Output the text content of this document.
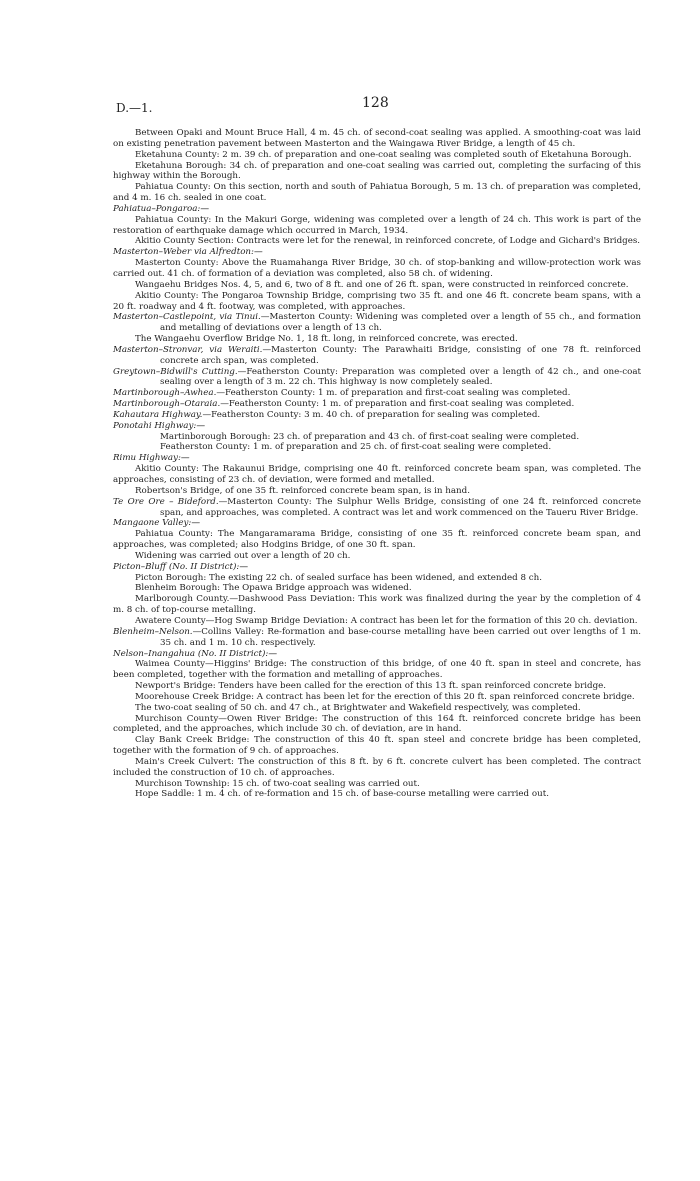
D.—1.	128

Between Opaki and Mount Bruce Hall, 4 m. 45 ch. of second-coat sealing was applied. A smoothing-coat was laid on existing penetration pavement between Masterton and the Waingawa River Bridge, a length of 45 ch.

Eketahuna County: 2 m. 39 ch. of preparation and one-coat sealing was completed south of Eketahuna Borough.

Eketahuna Borough: 34 ch. of preparation and one-coat sealing was carried out, completing the surfacing of this highway within the Borough.

Pahiatua County: On this section, north and south of Pahiatua Borough, 5 m. 13 ch. of preparation was completed, and 4 m. 16 ch. sealed in one coat.

Pahiatua–Pongaroa:—

Pahiatua County: In the Makuri Gorge, widening was completed over a length of 24 ch. This work is part of the restoration of earthquake damage which occurred in March, 1934.

Akitio County Section: Contracts were let for the renewal, in reinforced concrete, of Lodge and Gichard's Bridges.

Masterton–Weber via Alfredton:—

Masterton County: Above the Ruamahanga River Bridge, 30 ch. of stop-banking and willow-protection work was carried out. 41 ch. of formation of a deviation was completed, also 58 ch. of widening.

Wangaehu Bridges Nos. 4, 5, and 6, two of 8 ft. and one of 26 ft. span, were constructed in reinforced concrete.

Akitio County: The Pongaroa Township Bridge, comprising two 35 ft. and one 46 ft. concrete beam spans, with a 20 ft. roadway and 4 ft. footway, was completed, with approaches.

Masterton–Castlepoint, via Tinui.—Masterton County: Widening was completed over a length of 55 ch., and formation and metalling of deviations over a length of 13 ch.

The Wangaehu Overflow Bridge No. 1, 18 ft. long, in reinforced concrete, was erected.

Masterton–Stronvar, via Weraiti.—Masterton County: The Parawhaiti Bridge, consisting of one 78 ft. reinforced concrete arch span, was completed.

Greytown–Bidwill's Cutting.—Featherston County: Preparation was completed over a length of 42 ch., and one-coat sealing over a length of 3 m. 22 ch. This highway is now completely sealed.

Martinborough–Awhea.—Featherston County: 1 m. of preparation and first-coat sealing was completed.

Martinborough–Otaraia.—Featherston County: 1 m. of preparation and first-coat sealing was completed.

Kahautara Highway.—Featherston County: 3 m. 40 ch. of preparation for sealing was completed.

Ponotahi Highway:—

Martinborough Borough: 23 ch. of preparation and 43 ch. of first-coat sealing were completed.

Featherston County: 1 m. of preparation and 25 ch. of first-coat sealing were completed.

Rimu Highway:—

Akitio County: The Rakaunui Bridge, comprising one 40 ft. reinforced concrete beam span, was completed. The approaches, consisting of 23 ch. of deviation, were formed and metalled.

Robertson's Bridge, of one 35 ft. reinforced concrete beam span, is in hand.

Te Ore Ore – Bideford.—Masterton County: The Sulphur Wells Bridge, consisting of one 24 ft. reinforced concrete span, and approaches, was completed. A contract was let and work commenced on the Taueru River Bridge.

Mangaone Valley:—

Pahiatua County: The Mangaramarama Bridge, consisting of one 35 ft. reinforced concrete beam span, and approaches, was completed; also Hodgins Bridge, of one 30 ft. span.

Widening was carried out over a length of 20 ch.

Picton–Bluff (No. II District):—

Picton Borough: The existing 22 ch. of sealed surface has been widened, and extended 8 ch.

Blenheim Borough: The Opawa Bridge approach was widened.

Marlborough County.—Dashwood Pass Deviation: This work was finalized during the year by the completion of 4 m. 8 ch. of top-course metalling.

Awatere County—Hog Swamp Bridge Deviation: A contract has been let for the formation of this 20 ch. deviation.

Blenheim–Nelson.—Collins Valley: Re-formation and base-course metalling have been carried out over lengths of 1 m. 35 ch. and 1 m. 10 ch. respectively.

Nelson–Inangahua (No. II District):—

Waimea County—Higgins' Bridge: The construction of this bridge, of one 40 ft. span in steel and concrete, has been completed, together with the formation and metalling of approaches.

Newport's Bridge: Tenders have been called for the erection of this 13 ft. span reinforced concrete bridge.

Moorehouse Creek Bridge: A contract has been let for the erection of this 20 ft. span reinforced concrete bridge.

The two-coat sealing of 50 ch. and 47 ch., at Brightwater and Wakefield respectively, was completed.

Murchison County—Owen River Bridge: The construction of this 164 ft. reinforced concrete bridge has been completed, and the approaches, which include 30 ch. of deviation, are in hand.

Clay Bank Creek Bridge: The construction of this 40 ft. span steel and concrete bridge has been completed, together with the formation of 9 ch. of approaches.

Main's Creek Culvert: The construction of this 8 ft. by 6 ft. concrete culvert has been completed. The contract included the construction of 10 ch. of approaches.

Murchison Township: 15 ch. of two-coat sealing was carried out.

Hope Saddle: 1 m. 4 ch. of re-formation and 15 ch. of base-course metalling were carried out.
